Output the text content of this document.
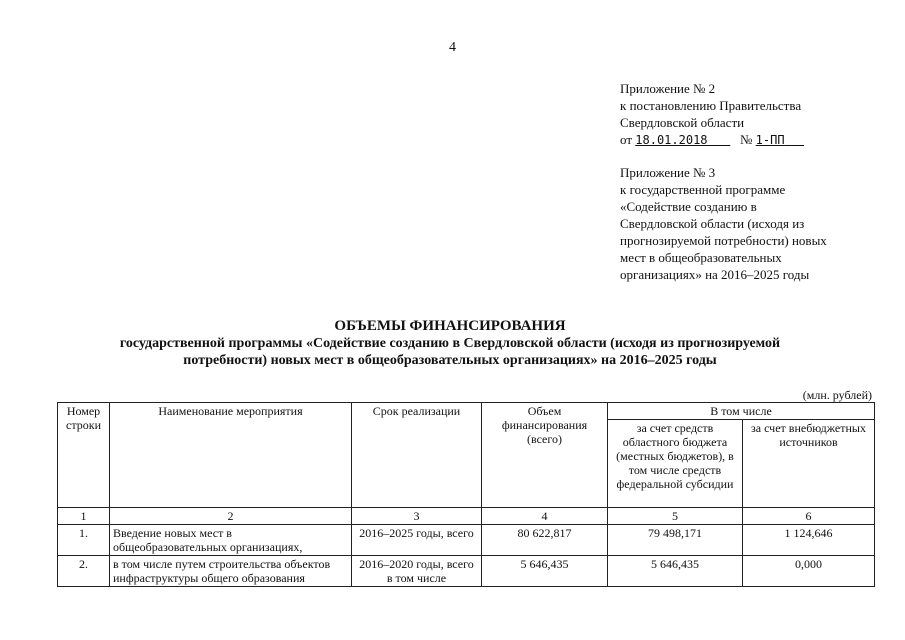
4
Приложение № 2
к постановлению Правительства
Свердловской области
от 18.01.2018	№ 1-ПП
Приложение № 3
к государственной программе
«Содействие созданию в
Свердловской области (исходя из
прогнозируемой потребности) новых
мест в общеобразовательных
организациях» на 2016–2025 годы
ОБЪЕМЫ ФИНАНСИРОВАНИЯ
государственной программы «Содействие созданию в Свердловской области (исходя из прогнозируемой
потребности) новых мест в общеобразовательных организациях» на 2016–2025 годы
(млн. рублей)
Номер строки	Наименование мероприятия	Срок реализации	Объем финансирования (всего)	В том числе	
				за счет средств областного бюджета (местных бюджетов), в том числе средств федеральной субсидии	за счет внебюджетных источников
1	2	3	4	5	6
1.	Введение новых мест в общеобразовательных организациях,	2016–2025 годы, всего	80 622,817	79 498,171	1 124,646
2.	в том числе путем строительства объектов инфраструктуры общего образования	2016–2020 годы, всего в том числе	5 646,435	5 646,435	0,000
